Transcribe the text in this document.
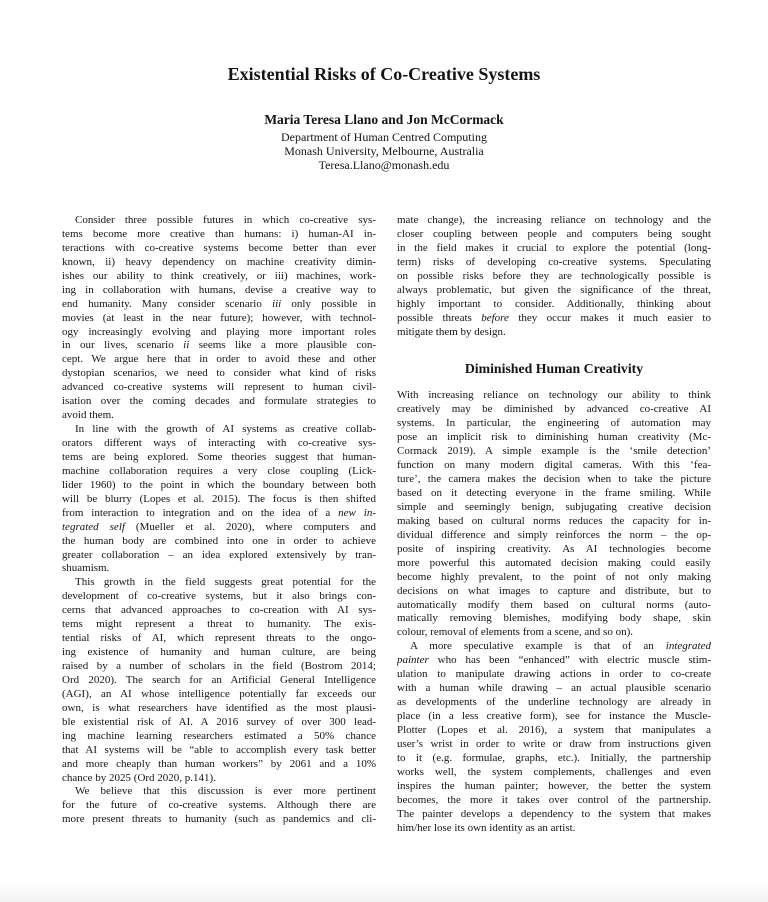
Existential Risks of Co-Creative Systems
Maria Teresa Llano and Jon McCormack
Department of Human Centred Computing
Monash University, Melbourne, Australia
Teresa.Llano@monash.edu
Consider three possible futures in which co-creative sys-
tems become more creative than humans: i) human-AI in-
teractions with co-creative systems become better than ever
known, ii) heavy dependency on machine creativity dimin-
ishes our ability to think creatively, or iii) machines, work-
ing in collaboration with humans, devise a creative way to
end humanity. Many consider scenario iii only possible in
movies (at least in the near future); however, with technol-
ogy increasingly evolving and playing more important roles
in our lives, scenario ii seems like a more plausible con-
cept. We argue here that in order to avoid these and other
dystopian scenarios, we need to consider what kind of risks
advanced co-creative systems will represent to human civil-
isation over the coming decades and formulate strategies to
avoid them.
In line with the growth of AI systems as creative collab-
orators different ways of interacting with co-creative sys-
tems are being explored. Some theories suggest that human-
machine collaboration requires a very close coupling (Lick-
lider 1960) to the point in which the boundary between both
will be blurry (Lopes et al. 2015). The focus is then shifted
from interaction to integration and on the idea of a new in-
tegrated self (Mueller et al. 2020), where computers and
the human body are combined into one in order to achieve
greater collaboration – an idea explored extensively by tran-
shuamism.
This growth in the field suggests great potential for the
development of co-creative systems, but it also brings con-
cerns that advanced approaches to co-creation with AI sys-
tems might represent a threat to humanity. The exis-
tential risks of AI, which represent threats to the ongo-
ing existence of humanity and human culture, are being
raised by a number of scholars in the field (Bostrom 2014;
Ord 2020). The search for an Artificial General Intelligence
(AGI), an AI whose intelligence potentially far exceeds our
own, is what researchers have identified as the most plausi-
ble existential risk of AI. A 2016 survey of over 300 lead-
ing machine learning researchers estimated a 50% chance
that AI systems will be “able to accomplish every task better
and more cheaply than human workers” by 2061 and a 10%
chance by 2025 (Ord 2020, p.141).
We believe that this discussion is ever more pertinent
for the future of co-creative systems. Although there are
more present threats to humanity (such as pandemics and cli-
mate change), the increasing reliance on technology and the
closer coupling between people and computers being sought
in the field makes it crucial to explore the potential (long-
term) risks of developing co-creative systems. Speculating
on possible risks before they are technologically possible is
always problematic, but given the significance of the threat,
highly important to consider. Additionally, thinking about
possible threats before they occur makes it much easier to
mitigate them by design.
Diminished Human Creativity
With increasing reliance on technology our ability to think
creatively may be diminished by advanced co-creative AI
systems. In particular, the engineering of automation may
pose an implicit risk to diminishing human creativity (Mc-
Cormack 2019). A simple example is the ‘smile detection’
function on many modern digital cameras. With this ‘fea-
ture’, the camera makes the decision when to take the picture
based on it detecting everyone in the frame smiling. While
simple and seemingly benign, subjugating creative decision
making based on cultural norms reduces the capacity for in-
dividual difference and simply reinforces the norm – the op-
posite of inspiring creativity. As AI technologies become
more powerful this automated decision making could easily
become highly prevalent, to the point of not only making
decisions on what images to capture and distribute, but to
automatically modify them based on cultural norms (auto-
matically removing blemishes, modifying body shape, skin
colour, removal of elements from a scene, and so on).
A more speculative example is that of an integrated
painter who has been “enhanced” with electric muscle stim-
ulation to manipulate drawing actions in order to co-create
with a human while drawing – an actual plausible scenario
as developments of the underline technology are already in
place (in a less creative form), see for instance the Muscle-
Plotter (Lopes et al. 2016), a system that manipulates a
user’s wrist in order to write or draw from instructions given
to it (e.g. formulae, graphs, etc.). Initially, the partnership
works well, the system complements, challenges and even
inspires the human painter; however, the better the system
becomes, the more it takes over control of the partnership.
The painter develops a dependency to the system that makes
him/her lose its own identity as an artist.
